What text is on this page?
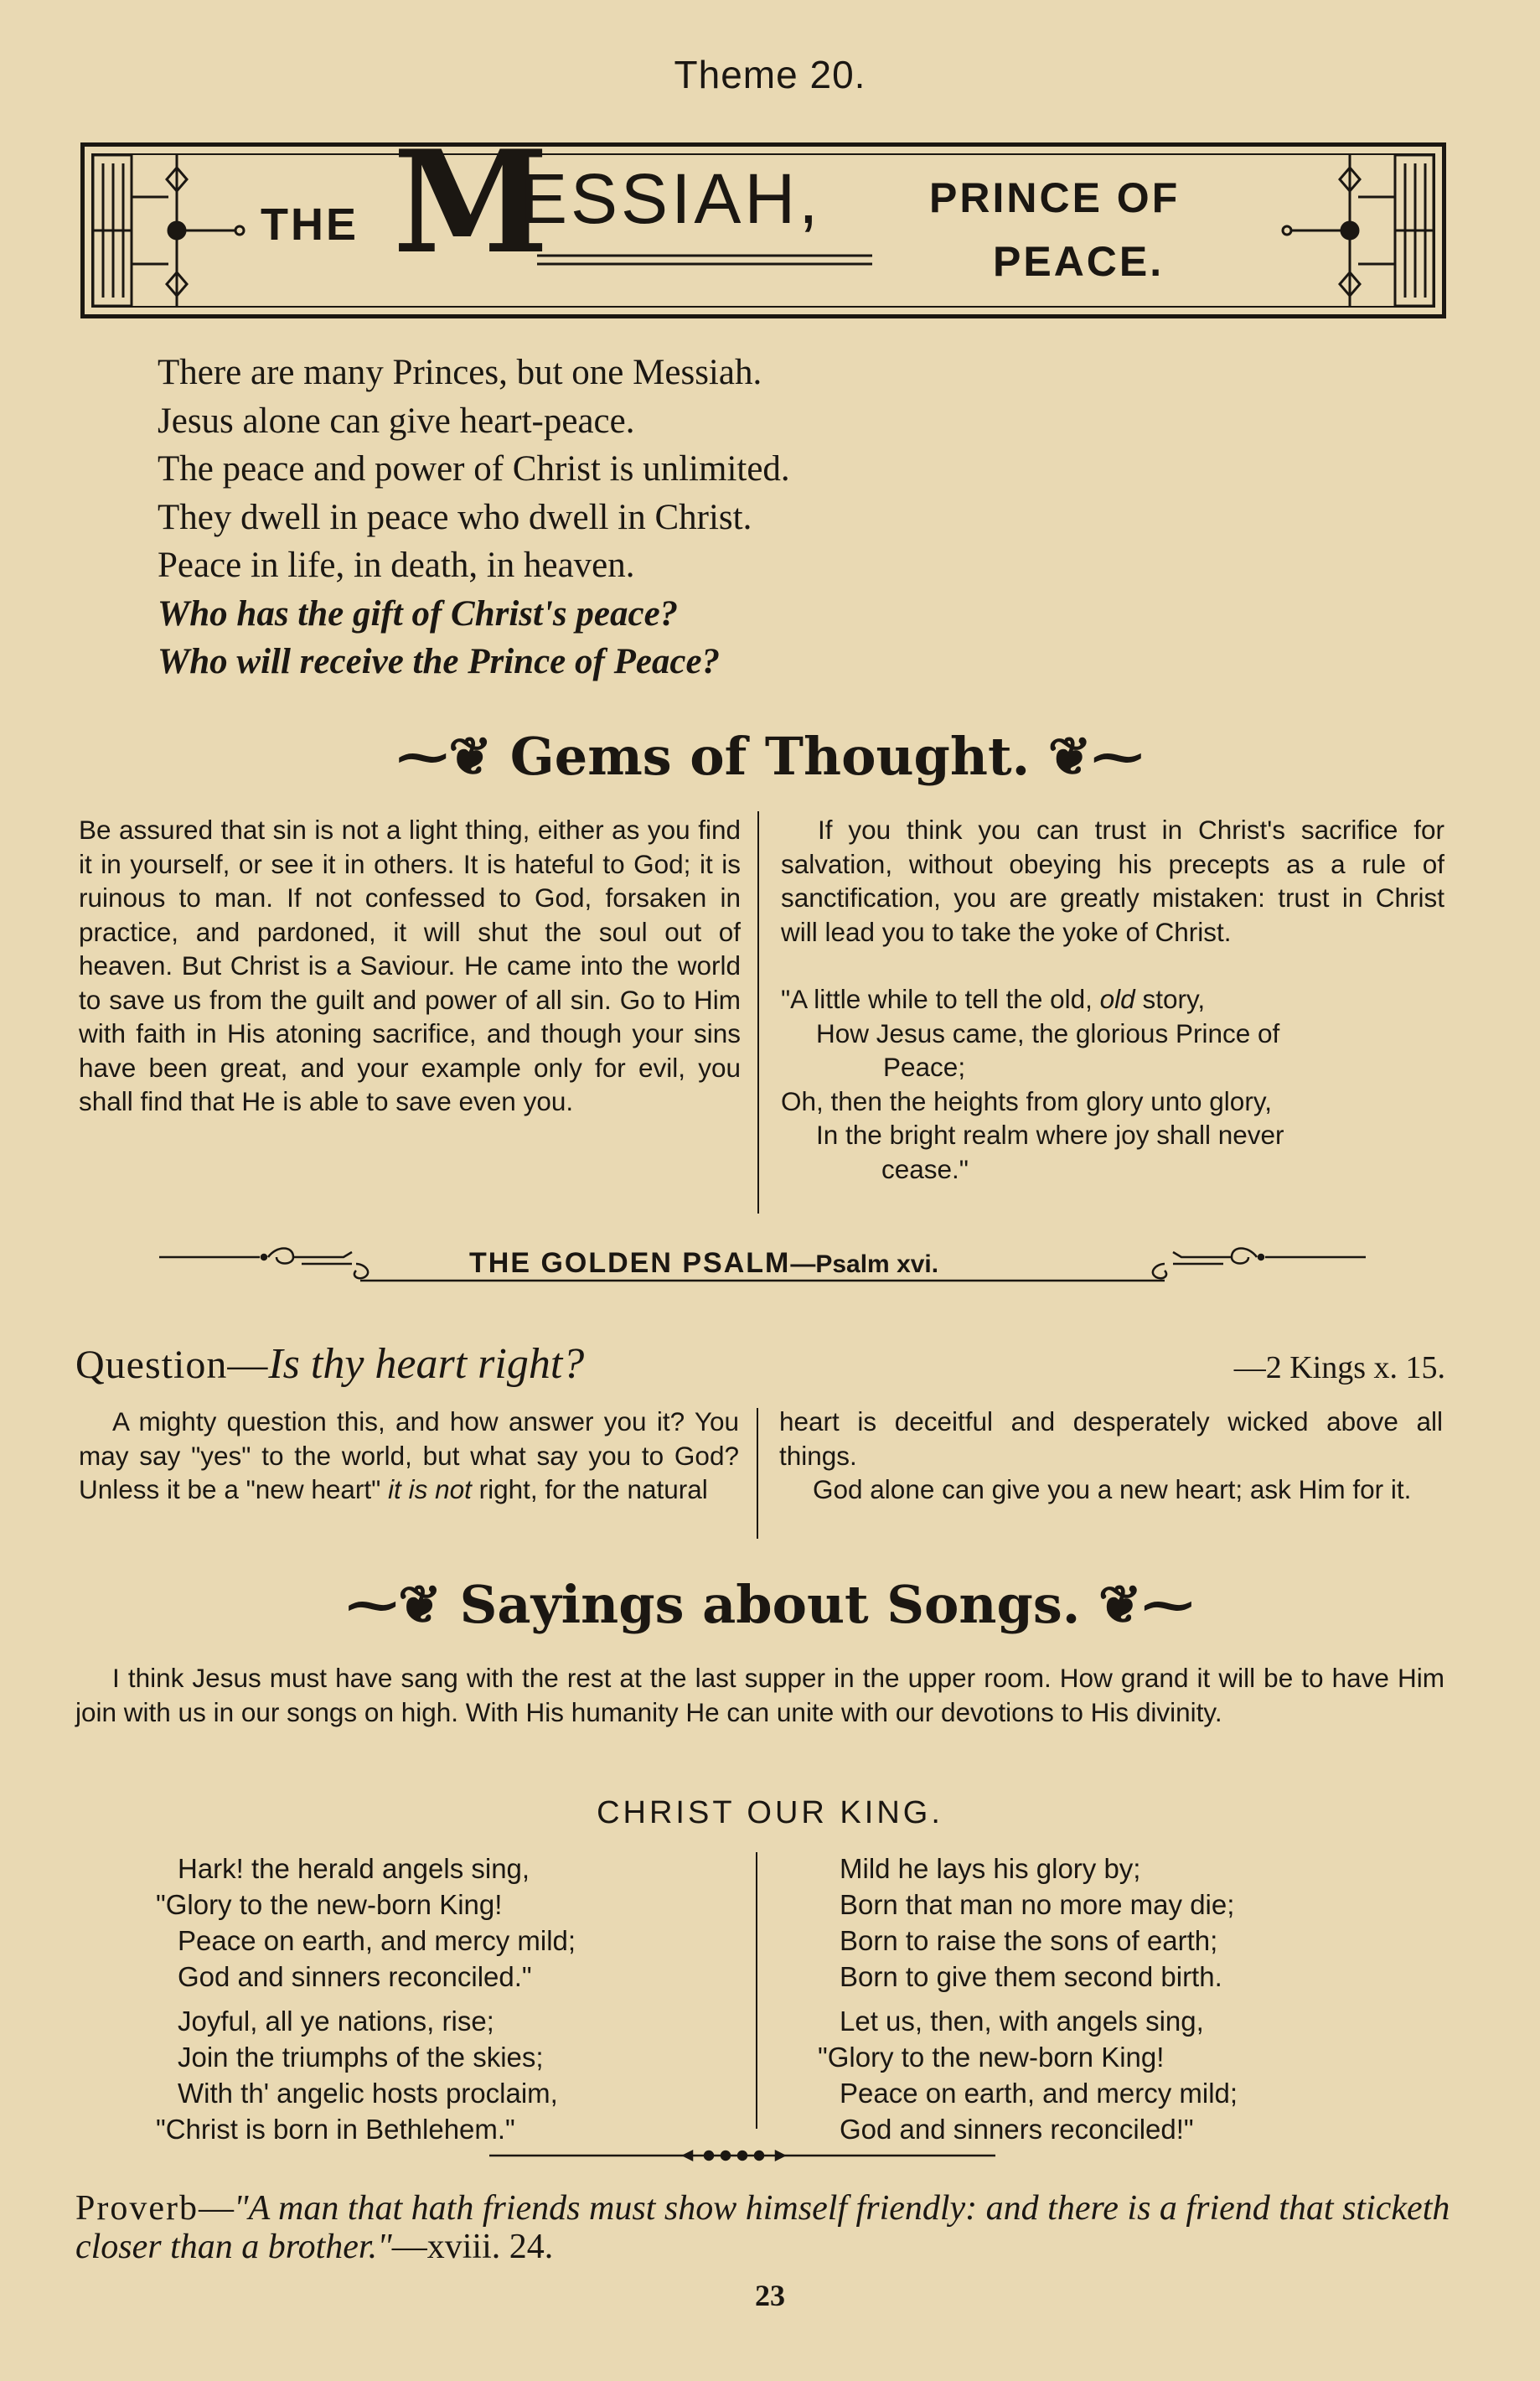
Theme 20.
THE M
ESSIAH,	PRINCE OF
PEACE.
There are many Princes, but one Messiah.
Jesus alone can give heart-peace.
The peace and power of Christ is unlimited.
They dwell in peace who dwell in Christ.
Peace in life, in death, in heaven.
Who has the gift of Christ's peace?
Who will receive the Prince of Peace?
⁓❦ Gems of Thought. ❦⁓

Be assured that sin is not a light thing, either as you find it in yourself, or see it in others. It is hateful to God; it is ruinous to man. If not confessed to God, forsaken in practice, and pardoned, it will shut the soul out of heaven. But Christ is a Saviour. He came into the world to save us from the guilt and power of all sin. Go to Him with faith in His atoning sacrifice, and though your sins have been great, and your example only for evil, you shall find that He is able to save even you.

If you think you can trust in Christ's sacrifice for salvation, without obeying his precepts as a rule of sanctification, you are greatly mistaken: trust in Christ will lead you to take the yoke of Christ.

"A little while to tell the old, old story,
How Jesus came, the glorious Prince of
Peace;
Oh, then the heights from glory unto glory,
In the bright realm where joy shall never
cease."
THE GOLDEN PSALM—Psalm xvi.
Question—Is thy heart right?	—2 Kings x. 15.

A mighty question this, and how answer you it? You may say "yes" to the world, but what say you to God? Unless it be a "new heart" it is not right, for the natural

heart is deceitful and desperately wicked above all things.

God alone can give you a new heart; ask Him for it.

⁓❦ Sayings about Songs. ❦⁓

I think Jesus must have sang with the rest at the last supper in the upper room. How grand it will be to have Him join with us in our songs on high. With His humanity He can unite with our devotions to His divinity.

CHRIST OUR KING.
Hark! the herald angels sing,
"Glory to the new-born King!
Peace on earth, and mercy mild;
God and sinners reconciled."
Joyful, all ye nations, rise;
Join the triumphs of the skies;
With th' angelic hosts proclaim,
"Christ is born in Bethlehem."
Mild he lays his glory by;
Born that man no more may die;
Born to raise the sons of earth;
Born to give them second birth.
Let us, then, with angels sing,
"Glory to the new-born King!
Peace on earth, and mercy mild;
God and sinners reconciled!"
Proverb—"A man that hath friends must show himself friendly: and there is a friend that sticketh closer than a brother."—xviii. 24.
23
